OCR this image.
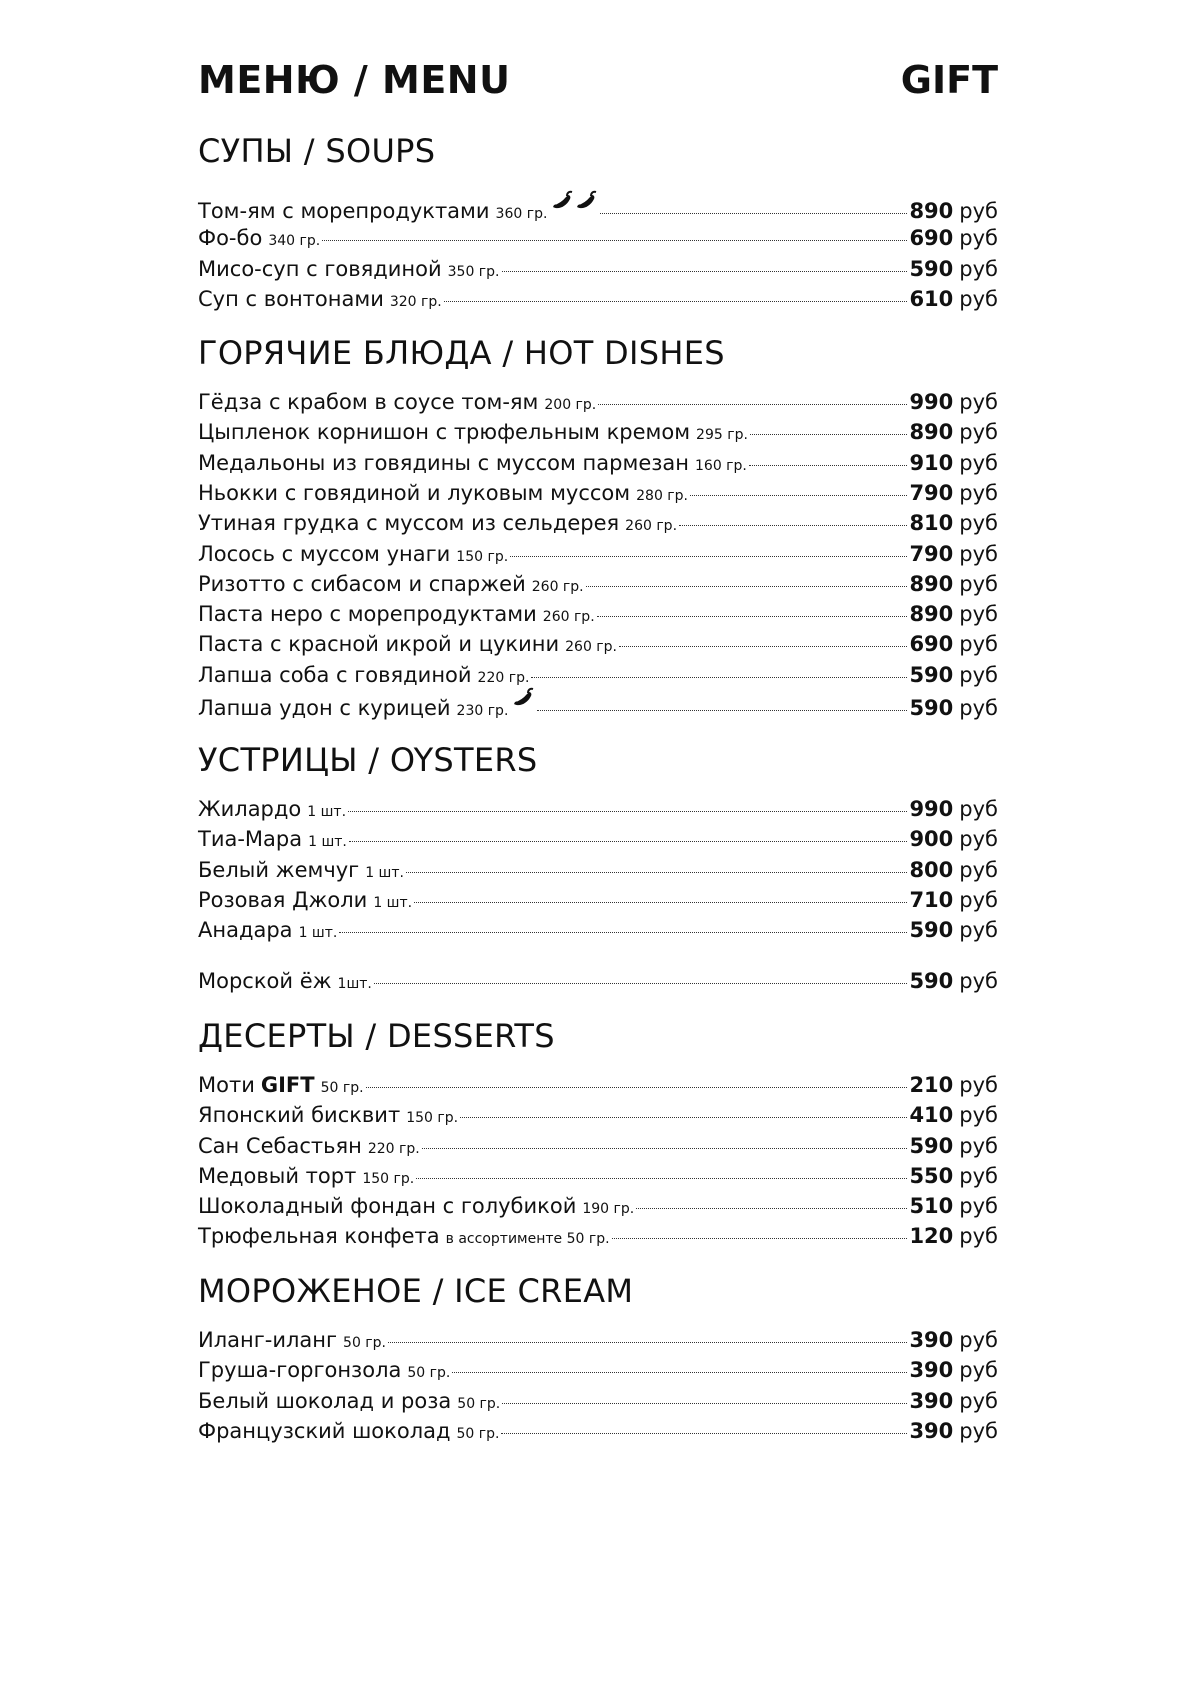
МЕНЮ / MENU	GIFT
СУПЫ / SOUPS
Том-ям с морепродуктами 360 гр.	890 руб
Фо-бо 340 гр.	690 руб
Мисо-суп с говядиной 350 гр.	590 руб
Суп с вонтонами 320 гр.	610 руб
ГОРЯЧИЕ БЛЮДА / HOT DISHES
Гёдза с крабом в соусе том-ям 200 гр.	990 руб
Цыпленок корнишон с трюфельным кремом 295 гр.	890 руб
Медальоны из говядины с муссом пармезан 160 гр.	910 руб
Ньокки с говядиной и луковым муссом 280 гр.	790 руб
Утиная грудка с муссом из сельдерея 260 гр.	810 руб
Лосось с муссом унаги 150 гр.	790 руб
Ризотто с сибасом и спаржей 260 гр.	890 руб
Паста неро с морепродуктами 260 гр.	890 руб
Паста с красной икрой и цукини 260 гр.	690 руб
Лапша соба с говядиной 220 гр.	590 руб
Лапша удон с курицей 230 гр.	590 руб
УСТРИЦЫ / OYSTERS
Жилардо 1 шт.	990 руб
Тиа-Мара 1 шт.	900 руб
Белый жемчуг 1 шт.	800 руб
Розовая Джоли 1 шт.	710 руб
Анадара 1 шт.	590 руб
Морской ёж 1шт.	590 руб
ДЕСЕРТЫ / DESSERTS
Моти GIFT 50 гр.	210 руб
Японский бисквит 150 гр.	410 руб
Сан Себастьян 220 гр.	590 руб
Медовый торт 150 гр.	550 руб
Шоколадный фондан с голубикой 190 гр.	510 руб
Трюфельная конфета в ассортименте 50 гр.	120 руб
МОРОЖЕНОЕ / ICE CREAM
Иланг-иланг 50 гр.	390 руб
Груша-горгонзола 50 гр.	390 руб
Белый шоколад и роза 50 гр.	390 руб
Французский шоколад 50 гр.	390 руб
